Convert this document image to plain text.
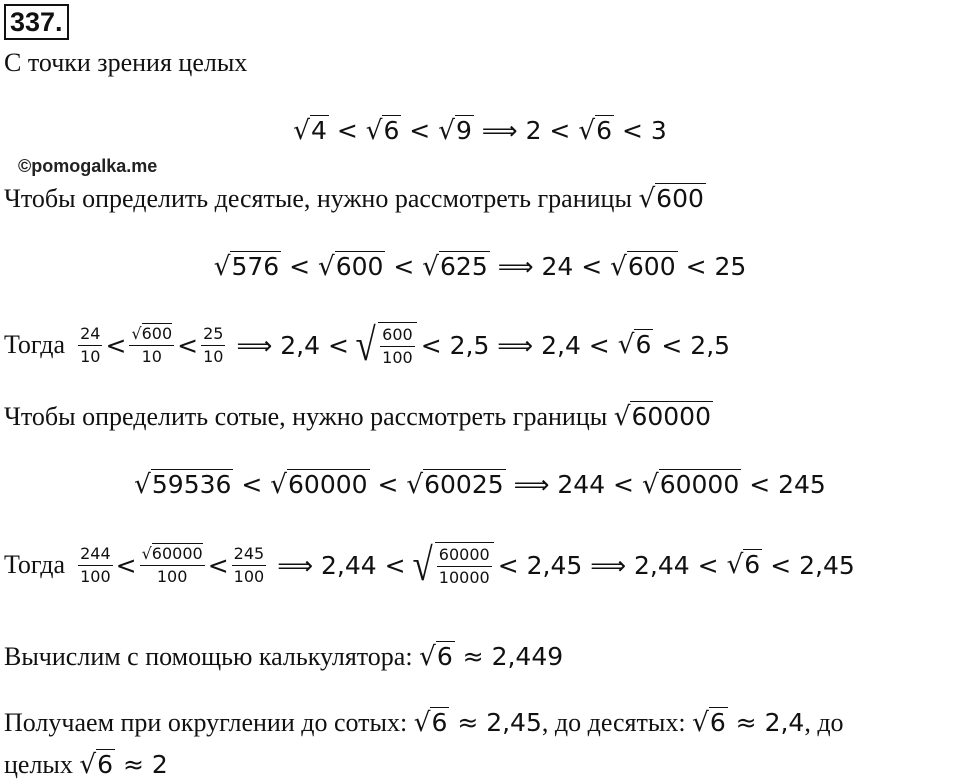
337.
С точки зрения целых
√4 < √6 < √9 ⟹ 2 < √6 < 3
©pomogalka.me
Чтобы определить десятые, нужно рассмотреть границы √600
√576 < √600 < √625 ⟹ 24 < √600 < 25
Тогда $\frac{24}{10} < \frac{√600}{10} < \frac{25}{10}$ ⟹ 2,4 < √ $\frac{600}{100} < 2,5$ ⟹ 2,4 < √6 < 2,5
Чтобы определить сотые, нужно рассмотреть границы √60000
√59536 < √60000 < √60025 ⟹ 244 < √60000 < 245
Тогда $\frac{244}{100} < \frac{√60000}{100} < \frac{245}{100}$ ⟹ 2,44 < √ $\frac{60000}{10000} < 2,45$ ⟹ 2,44 < √6 < 2,45
Вычислим с помощью калькулятора: √6 ≈ 2,449
Получаем при округлении до сотых: √6 ≈ 2,45, до десятых: √6 ≈ 2,4, до
целых √6 ≈ 2
